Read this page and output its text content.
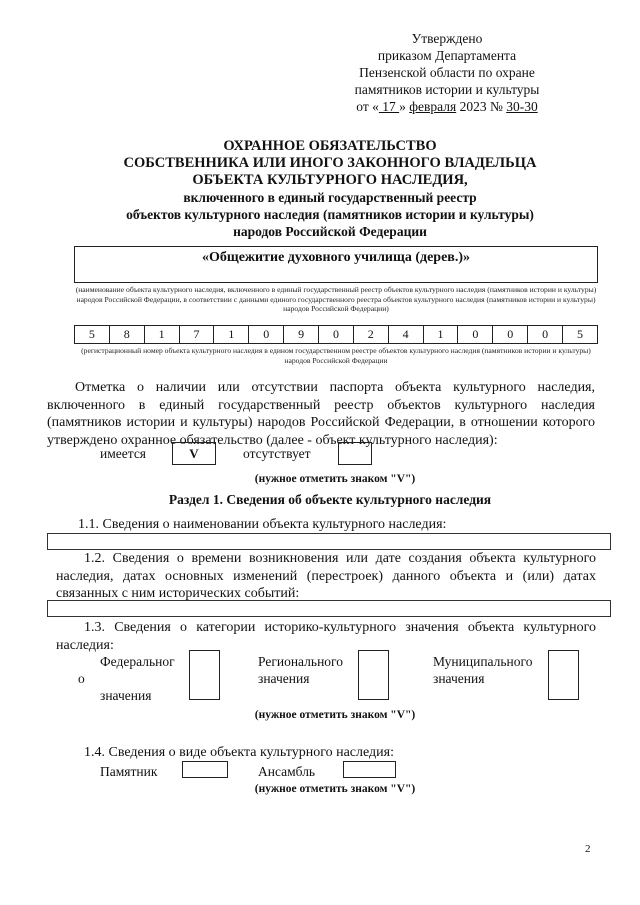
Утверждено
приказом Департамента
Пензенской области по охране
памятников истории и культуры
от « 17 » февраля 2023 № 30-30
ОХРАННОЕ ОБЯЗАТЕЛЬСТВО
СОБСТВЕННИКА ИЛИ ИНОГО ЗАКОННОГО ВЛАДЕЛЬЦА
ОБЪЕКТА КУЛЬТУРНОГО НАСЛЕДИЯ,
включенного в единый государственный реестр
объектов культурного наследия (памятников истории и культуры)
народов Российской Федерации
«Общежитие духовного училища (дерев.)»
(наименование объекта культурного наследия, включенного в единый государственный реестр объектов культурного наследия (памятников истории и культуры) народов Российской Федерации, в соответствии с данными единого государственного реестра объектов культурного наследия (памятников истории и культуры) народов Российской Федерации)
5	8	1	7	1	0	9	0	2	4	1	0	0	0	5
(регистрационный номер объекта культурного наследия в едином государственном реестре объектов культурного наследия (памятников истории и культуры) народов Российской Федерации
Отметка о наличии или отсутствии паспорта объекта культурного наследия, включенного в единый государственный реестр объектов культурного наследия (памятников истории и культуры) народов Российской Федерации, в отношении которого утверждено охранное обязательство (далее - объект культурного наследия):
имеется	V	отсутствует
(нужное отметить знаком "V")
Раздел 1. Сведения об объекте культурного наследия
1.1. Сведения о наименовании объекта культурного наследия:
1.2. Сведения о времени возникновения или дате создания объекта культурного наследия, датах основных изменений (перестроек) данного объекта и (или) датах связанных с ним исторических событий:
1.3. Сведения о категории историко-культурного значения объекта культурного наследия:
Федеральног
о
значения
Регионального
значения
Муниципального
значения
(нужное отметить знаком "V")
1.4. Сведения о виде объекта культурного наследия:
Памятник	Ансамбль
(нужное отметить знаком "V")
2
